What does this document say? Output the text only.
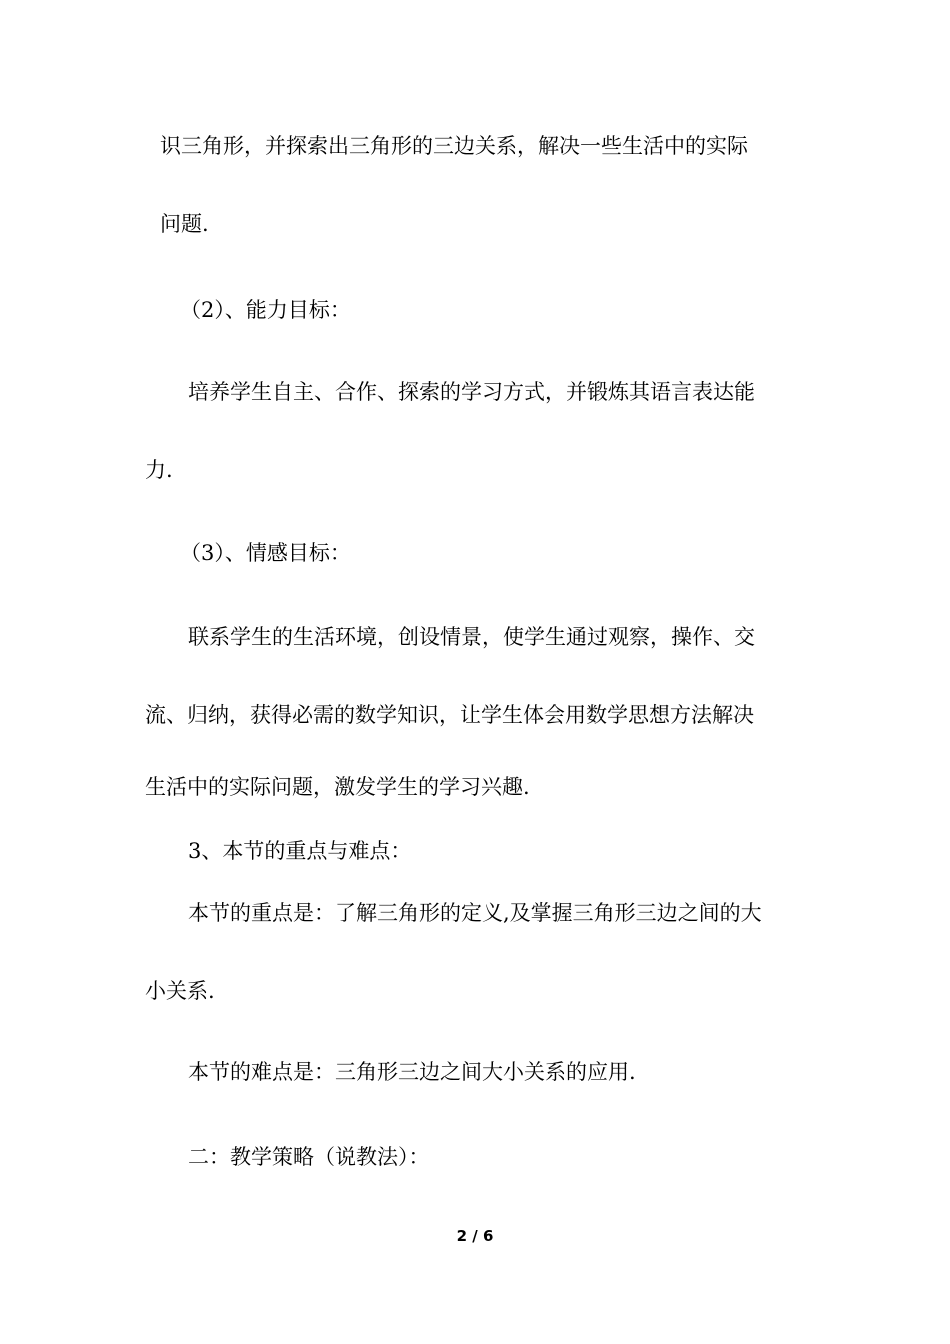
识三角形，并探索出三角形的三边关系，解决一些生活中的实际

问题.

（2）、能力目标：

培养学生自主、合作、探索的学习方式，并锻炼其语言表达能

力.

（3）、情感目标：

联系学生的生活环境，创设情景，使学生通过观察，操作、交

流、归纳，获得必需的数学知识，让学生体会用数学思想方法解决

生活中的实际问题，激发学生的学习兴趣.

3、本节的重点与难点：

本节的重点是：了解三角形的定义,及掌握三角形三边之间的大

小关系.

本节的难点是：三角形三边之间大小关系的应用.

二：教学策略（说教法）：

2 / 6
